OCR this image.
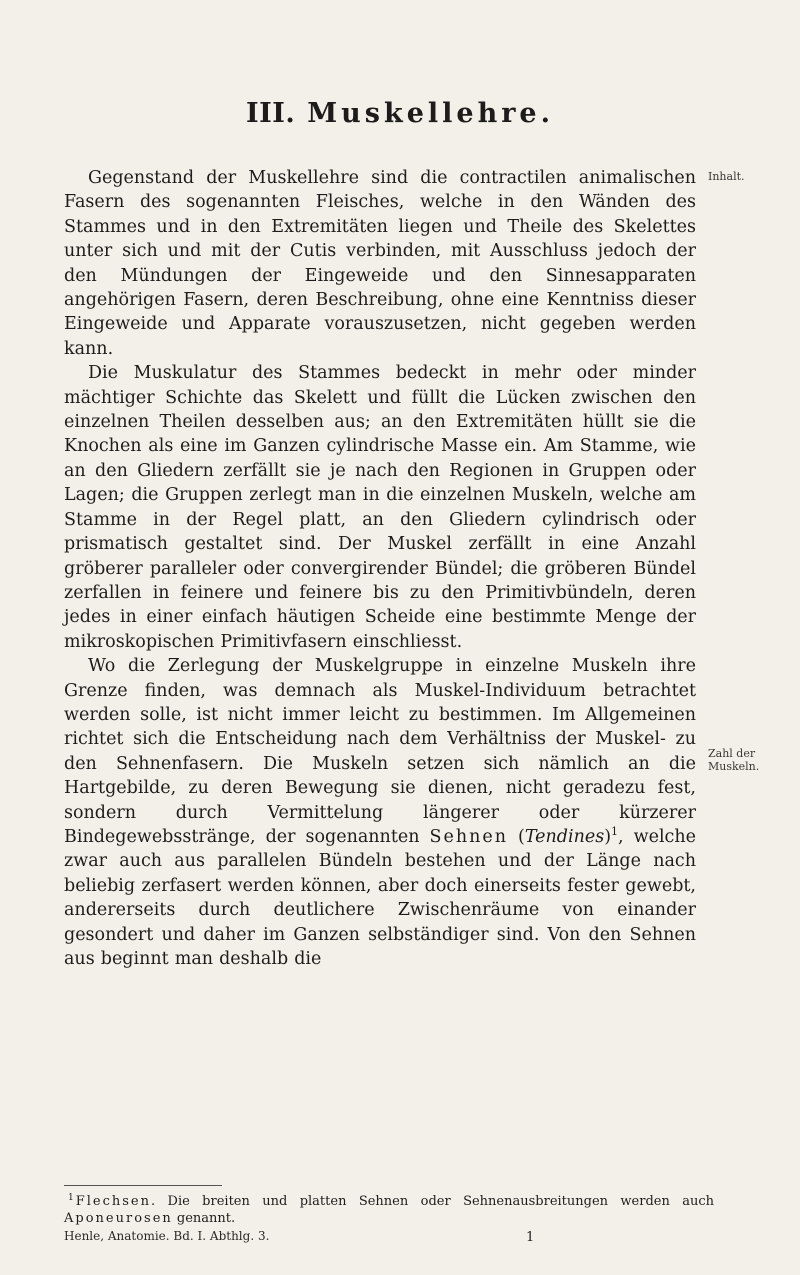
III. Muskellehre.
Inhalt.
Zahl der Muskeln.

Gegenstand der Muskellehre sind die contractilen animalischen Fasern des sogenannten Fleisches, welche in den Wänden des Stammes und in den Extremitäten liegen und Theile des Skelettes unter sich und mit der Cutis verbinden, mit Ausschluss jedoch der den Mündungen der Eingeweide und den Sinnesapparaten angehörigen Fasern, deren Beschreibung, ohne eine Kenntniss dieser Eingeweide und Apparate vorauszusetzen, nicht gegeben werden kann.

Die Muskulatur des Stammes bedeckt in mehr oder minder mächtiger Schichte das Skelett und füllt die Lücken zwischen den einzelnen Theilen desselben aus; an den Extremitäten hüllt sie die Knochen als eine im Ganzen cylindrische Masse ein. Am Stamme, wie an den Gliedern zerfällt sie je nach den Regionen in Gruppen oder Lagen; die Gruppen zerlegt man in die einzelnen Muskeln, welche am Stamme in der Regel platt, an den Gliedern cylindrisch oder prismatisch gestaltet sind. Der Muskel zerfällt in eine Anzahl gröberer paralleler oder convergirender Bündel; die gröberen Bündel zerfallen in feinere und feinere bis zu den Primitivbündeln, deren jedes in einer einfach häutigen Scheide eine bestimmte Menge der mikroskopischen Primitivfasern einschliesst.

Wo die Zerlegung der Muskelgruppe in einzelne Muskeln ihre Grenze finden, was demnach als Muskel-Individuum betrachtet werden solle, ist nicht immer leicht zu bestimmen. Im Allgemeinen richtet sich die Entscheidung nach dem Verhältniss der Muskel- zu den Sehnenfasern. Die Muskeln setzen sich nämlich an die Hartgebilde, zu deren Bewegung sie dienen, nicht geradezu fest, sondern durch Vermittelung längerer oder kürzerer Bindegewebsstränge, der sogenannten Sehnen (Tendines)$^1$, welche zwar auch aus parallelen Bündeln bestehen und der Länge nach beliebig zerfasert werden können, aber doch einerseits fester gewebt, andererseits durch deutlichere Zwischenräume von einander gesondert und daher im Ganzen selbständiger sind. Von den Sehnen aus beginnt man deshalb die

$^1$ Flechsen. Die breiten und platten Sehnen oder Sehnenausbreitungen werden auch Aponeurosen genannt.
Henle, Anatomie. Bd. I. Abthlg. 3.	1
